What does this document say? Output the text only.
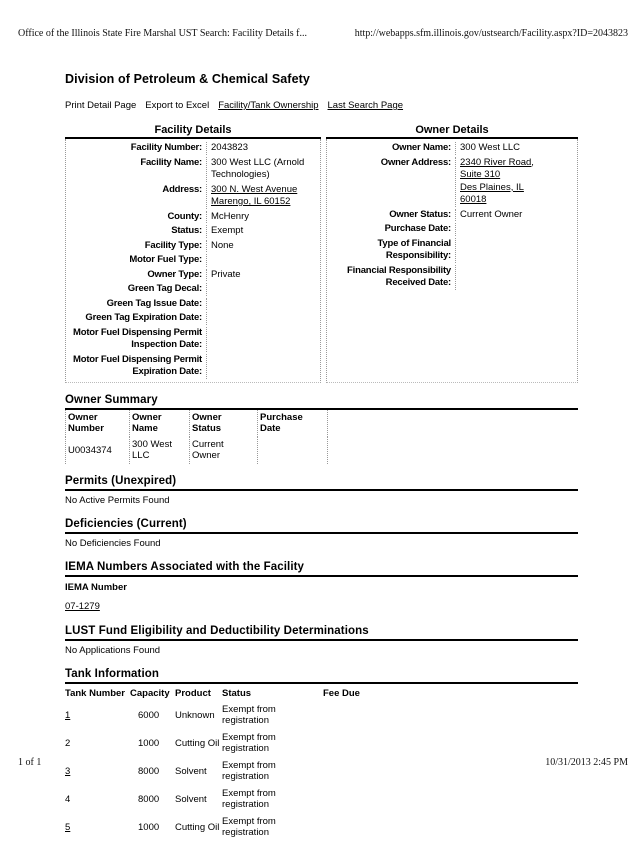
Office of the Illinois State Fire Marshal UST Search: Facility Details f...	http://webapps.sfm.illinois.gov/ustsearch/Facility.aspx?ID=2043823
Division of Petroleum & Chemical Safety
Print Detail Page Export to Excel Facility/Tank Ownership Last Search Page
Facility Details
Facility Number: 2043823
Facility Name: 300 West LLC (Arnold
Technologies)
Address: 300 N. West Avenue
Marengo, IL 60152
County: McHenry
Status: Exempt
Facility Type: None
Motor Fuel Type:

Owner Type: Private
Green Tag Decal:

Green Tag Issue Date:

Green Tag Expiration Date:

Motor Fuel Dispensing Permit Inspection Date:

Motor Fuel Dispensing Permit Expiration Date:

Owner Details
Owner Name: 300 West LLC
Owner Address: 2340 River Road,
Suite 310
Des Plaines, IL
60018
Owner Status: Current Owner
Purchase Date:

Type of Financial Responsibility:

Financial Responsibility Received Date:

Owner Summary
Owner Number	Owner Name	Owner Status	Purchase Date
U0034374	300 West LLC	Current Owner	
Permits (Unexpired)
No Active Permits Found
Deficiencies (Current)
No Deficiencies Found
IEMA Numbers Associated with the Facility
IEMA Number
07-1279
LUST Fund Eligibility and Deductibility Determinations
No Applications Found
Tank Information
Tank Number	Capacity	Product	Status	Fee Due
1	6000	Unknown	Exempt from registration	
2	1000	Cutting Oil	Exempt from registration	
3	8000	Solvent	Exempt from registration	
4	8000	Solvent	Exempt from registration	
5	1000	Cutting Oil	Exempt from registration	
1 of 1	10/31/2013 2:45 PM
